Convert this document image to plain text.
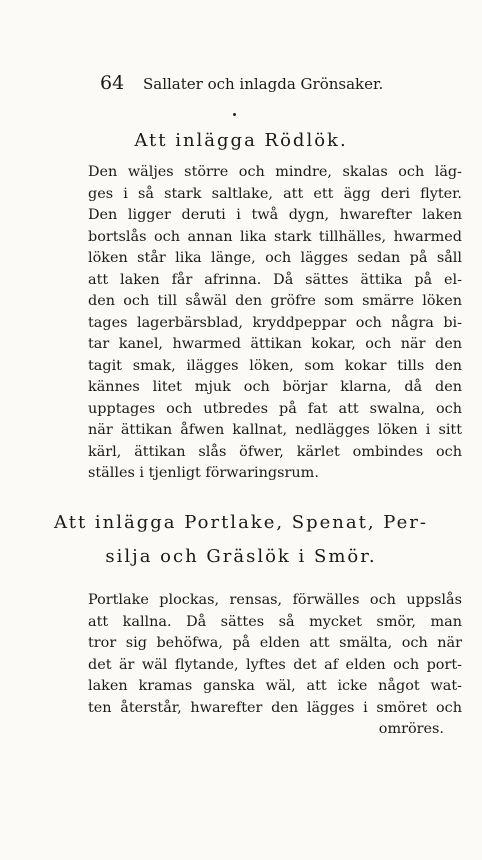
64 Sallater och inlagda Grönsaker.
Att inlägga Rödlök.
Den wäljes större och mindre, skalas och läg-
ges i så stark saltlake, att ett ägg deri flyter.
Den ligger deruti i twå dygn, hwarefter laken
bortslås och annan lika stark tillhälles, hwarmed
löken står lika länge, och lägges sedan på såll
att laken får afrinna. Då sättes ättika på el-
den och till såwäl den gröfre som smärre löken
tages lagerbärsblad, kryddpeppar och några bi-
tar kanel, hwarmed ättikan kokar, och när den
tagit smak, ilägges löken, som kokar tills den
kännes litet mjuk och börjar klarna, då den
upptages och utbredes på fat att swalna, och
när ättikan åfwen kallnat, nedlägges löken i sitt
kärl, ättikan slås öfwer, kärlet ombindes och
ställes i tjenligt förwaringsrum.
Att inlägga Portlake, Spenat, Per-
silja och Gräslök i Smör.
Portlake plockas, rensas, förwälles och uppslås
att kallna. Då sättes så mycket smör, man
tror sig behöfwa, på elden att smälta, och när
det är wäl flytande, lyftes det af elden och port-
laken kramas ganska wäl, att icke något wat-
ten återstår, hwarefter den lägges i smöret och
omröres.
